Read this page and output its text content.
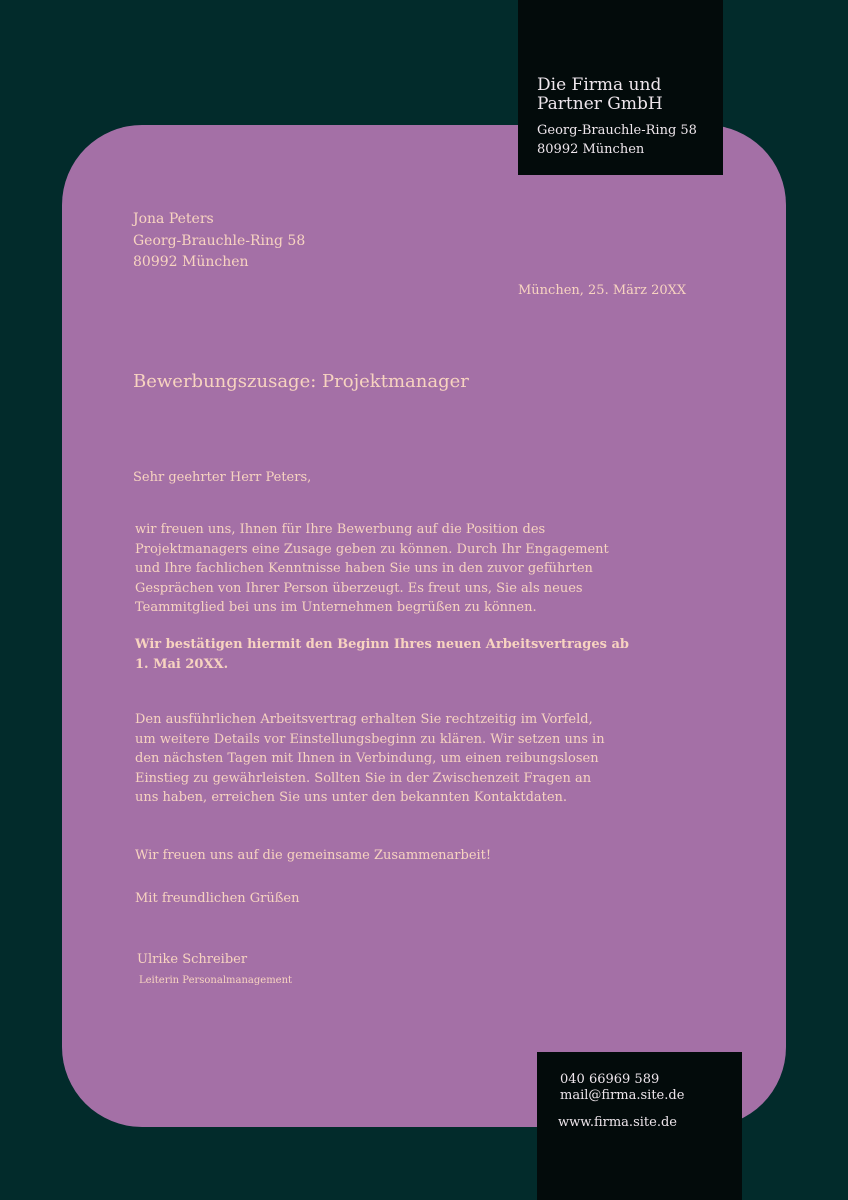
Die Firma und
Partner GmbH
Georg-Brauchle-Ring 58
80992 München
Jona Peters
Georg-Brauchle-Ring 58
80992 München
München, 25. März 20XX
Bewerbungszusage: Projektmanager
Sehr geehrter Herr Peters,
wir freuen uns, Ihnen für Ihre Bewerbung auf die Position des
Projektmanagers eine Zusage geben zu können. Durch Ihr Engagement
und Ihre fachlichen Kenntnisse haben Sie uns in den zuvor geführten
Gesprächen von Ihrer Person überzeugt. Es freut uns, Sie als neues
Teammitglied bei uns im Unternehmen begrüßen zu können.
Wir bestätigen hiermit den Beginn Ihres neuen Arbeitsvertrages ab
1. Mai 20XX.
Den ausführlichen Arbeitsvertrag erhalten Sie rechtzeitig im Vorfeld,
um weitere Details vor Einstellungsbeginn zu klären. Wir setzen uns in
den nächsten Tagen mit Ihnen in Verbindung, um einen reibungslosen
Einstieg zu gewährleisten. Sollten Sie in der Zwischenzeit Fragen an
uns haben, erreichen Sie uns unter den bekannten Kontaktdaten.
Wir freuen uns auf die gemeinsame Zusammenarbeit!
Mit freundlichen Grüßen
Ulrike Schreiber
Leiterin Personalmanagement
040 66969 589
mail@firma.site.de
www.firma.site.de
